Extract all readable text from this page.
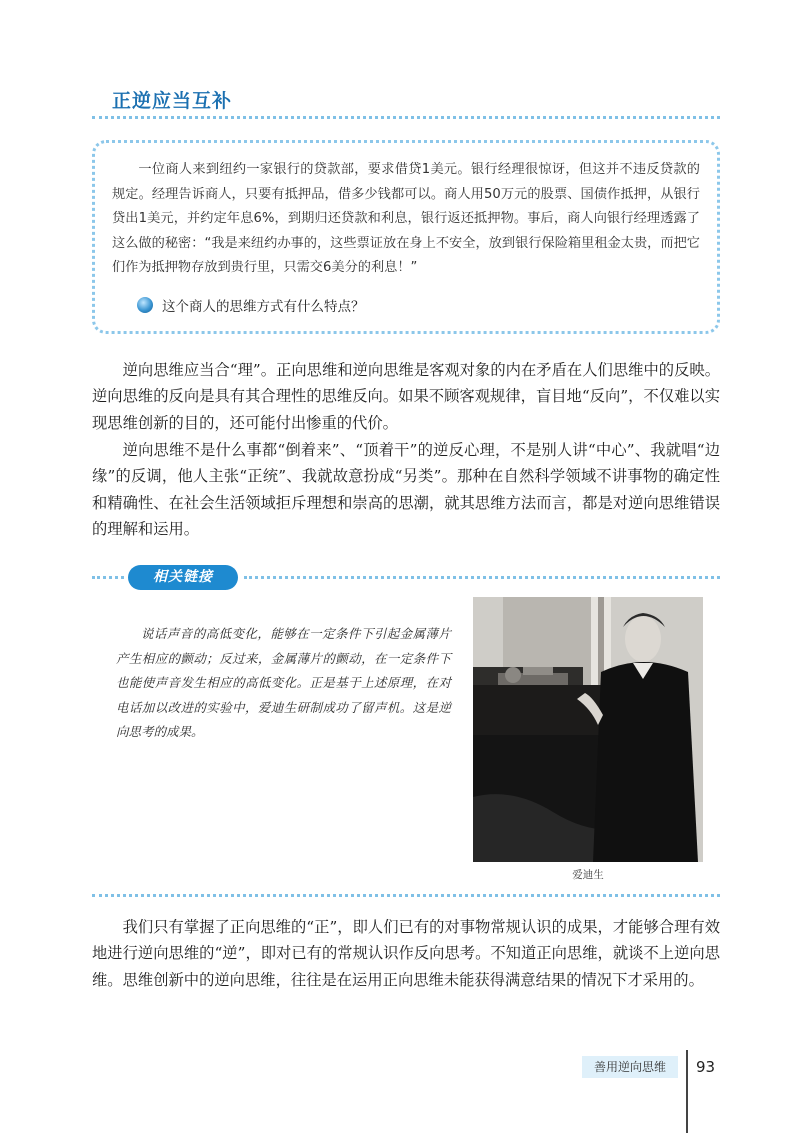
正逆应当互补
一位商人来到纽约一家银行的贷款部，要求借贷1美元。银行经理很惊讶，但这并不违反贷款的规定。经理告诉商人，只要有抵押品，借多少钱都可以。商人用50万元的股票、国债作抵押，从银行贷出1美元，并约定年息6%，到期归还贷款和利息，银行返还抵押物。事后，商人向银行经理透露了这么做的秘密：“我是来纽约办事的，这些票证放在身上不安全，放到银行保险箱里租金太贵，而把它们作为抵押物存放到贵行里，只需交6美分的利息！”
这个商人的思维方式有什么特点？
逆向思维应当合“理”。正向思维和逆向思维是客观对象的内在矛盾在人们思维中的反映。逆向思维的反向是具有其合理性的思维反向。如果不顾客观规律，盲目地“反向”，不仅难以实现思维创新的目的，还可能付出惨重的代价。
逆向思维不是什么事都“倒着来”、“顶着干”的逆反心理，不是别人讲“中心”、我就唱“边缘”的反调，他人主张“正统”、我就故意扮成“另类”。那种在自然科学领域不讲事物的确定性和精确性、在社会生活领域拒斥理想和崇高的思潮，就其思维方法而言，都是对逆向思维错误的理解和运用。
相关链接
说话声音的高低变化，能够在一定条件下引起金属薄片产生相应的颤动；反过来，金属薄片的颤动，在一定条件下也能使声音发生相应的高低变化。正是基于上述原理，在对电话加以改进的实验中，爱迪生研制成功了留声机。这是逆向思考的成果。
爱迪生
我们只有掌握了正向思维的“正”，即人们已有的对事物常规认识的成果，才能够合理有效地进行逆向思维的“逆”，即对已有的常规认识作反向思考。不知道正向思维，就谈不上逆向思维。思维创新中的逆向思维，往往是在运用正向思维未能获得满意结果的情况下才采用的。
善用逆向思维	93
